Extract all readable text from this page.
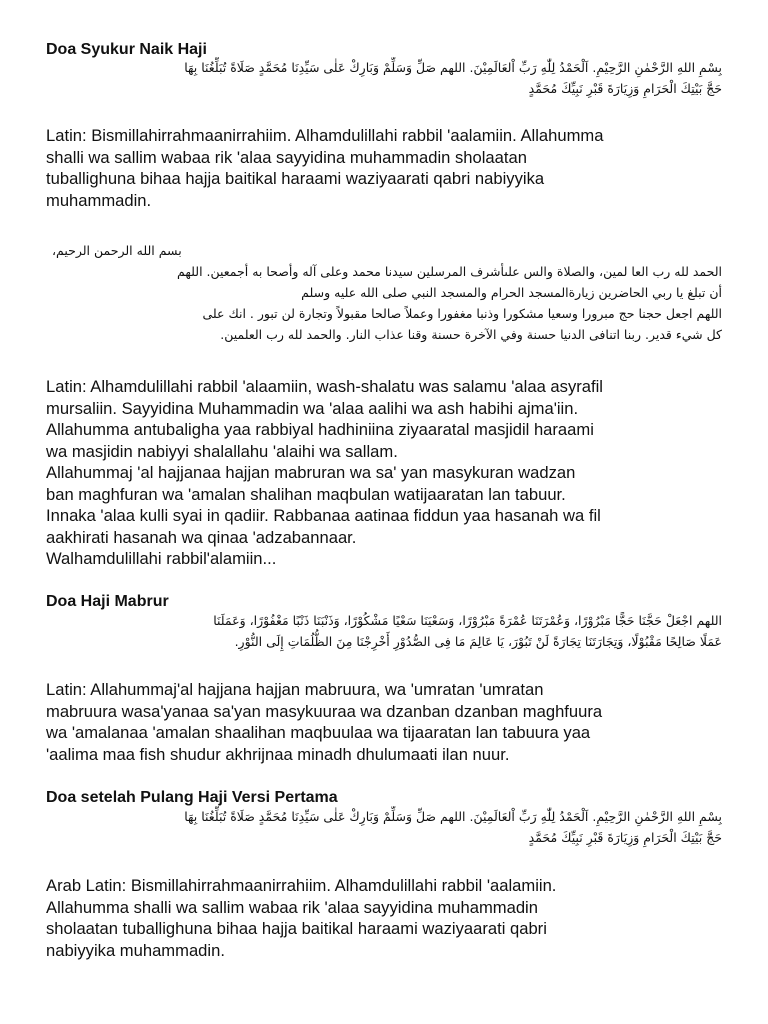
Doa Syukur Naik Haji
بِسْمِ اللهِ الرَّحْمٰنِ الرَّحِيْمِ. اَلْحَمْدُ لِلّٰهِ رَبِّ اْلعَالَمِيْنَ. اللهم صَلِّ وَسَلِّمْ وَبَارِكْ عَلٰى سَيِّدِنَا مُحَمَّدٍ صَلَاةً تُبَلِّغُنَا بِهَا
حَجَّ بَيْتِكَ الْحَرَامِ وَزِيَارَةَ قَبْرِ نَبِيِّكَ مُحَمَّدٍ
Latin: Bismillahirrahmaanirrahiim. Alhamdulillahi rabbil 'aalamiin. Allahumma
shalli wa sallim wabaa rik 'alaa sayyidina muhammadin sholaatan
tuballighuna bihaa hajja baitikal haraami waziyaarati qabri nabiyyika
muhammadin.
بسم الله الرحمن الرحيم،
الحمد لله رب العا لمين، والصلاة والس علىأشرف المرسلين سيدنا محمد وعلى آله وأصحا به أجمعين. اللهم
أن تبلغ يا ربي الحاضرين زيارةالمسجد الحرام والمسجد النبي صلى الله عليه وسلم
اللهم اجعل حجنا حج مبرورا وسعيا مشكورا وذنبا مغفورا وعملاً صالحا مقبولاً وتجارة لن تبور . انك على
كل شيء قدير. ربنا اتنافى الدنيا حسنة وفي الآخرة حسنة وقنا عذاب النار. والحمد لله رب العلمين.
Latin: Alhamdulillahi rabbil 'alaamiin, wash-shalatu was salamu 'alaa asyrafil
mursaliin. Sayyidina Muhammadin wa 'alaa aalihi wa ash habihi ajma'iin.
Allahumma antubaligha yaa rabbiyal hadhiniina ziyaaratal masjidil haraami
wa masjidin nabiyyi shalallahu 'alaihi wa sallam.
Allahummaj 'al hajjanaa hajjan mabruran wa sa' yan masykuran wadzan
ban maghfuran wa 'amalan shalihan maqbulan watijaaratan lan tabuur.
Innaka 'alaa kulli syai in qadiir. Rabbanaa aatinaa fiddun yaa hasanah wa fil
aakhirati hasanah wa qinaa 'adzabannaar.
Walhamdulillahi rabbil'alamiin...
Doa Haji Mabrur
اللهم اجْعَلْ حَجَّنَا حَجًّا مَبْرُوْرًا، وَعُمْرَتَنَا عُمْرَةً مَبْرُوْرًا، وَسَعْيَنَا سَعْيًا مَشْكُوْرًا، وَذَنْبَنَا ذَنْبًا مَغْفُوْرًا، وَعَمَلَنَا
عَمَلًا صَالِحًا مَقْبُوْلًا، وَتِجَارَتَنَا تِجَارَةً لَنْ تَبُوْرَ، يَا عَالِمَ مَا فِى الصُّدُوْرِ أَخْرِجْنَا مِنَ الظُّلُمَاتِ إِلَى النُّوْرِ.
Latin: Allahummaj'al hajjana hajjan mabruura, wa 'umratan 'umratan
mabruura wasa'yanaa sa'yan masykuuraa wa dzanban dzanban maghfuura
wa 'amalanaa 'amalan shaalihan maqbuulaa wa tijaaratan lan tabuura yaa
'aalima maa fish shudur akhrijnaa minadh dhulumaati ilan nuur.
Doa setelah Pulang Haji Versi Pertama
بِسْمِ اللهِ الرَّحْمٰنِ الرَّحِيْمِ. اَلْحَمْدُ لِلّٰهِ رَبِّ اْلعَالَمِيْنَ. اللهم صَلِّ وَسَلِّمْ وَبَارِكْ عَلٰى سَيِّدِنَا مُحَمَّدٍ صَلَاةً تُبَلِّغُنَا بِهَا
حَجَّ بَيْتِكَ الْحَرَامِ وَزِيَارَةَ قَبْرِ نَبِيِّكَ مُحَمَّدٍ
Arab Latin: Bismillahirrahmaanirrahiim. Alhamdulillahi rabbil 'aalamiin.
Allahumma shalli wa sallim wabaa rik 'alaa sayyidina muhammadin
sholaatan tuballighuna bihaa hajja baitikal haraami waziyaarati qabri
nabiyyika muhammadin.
